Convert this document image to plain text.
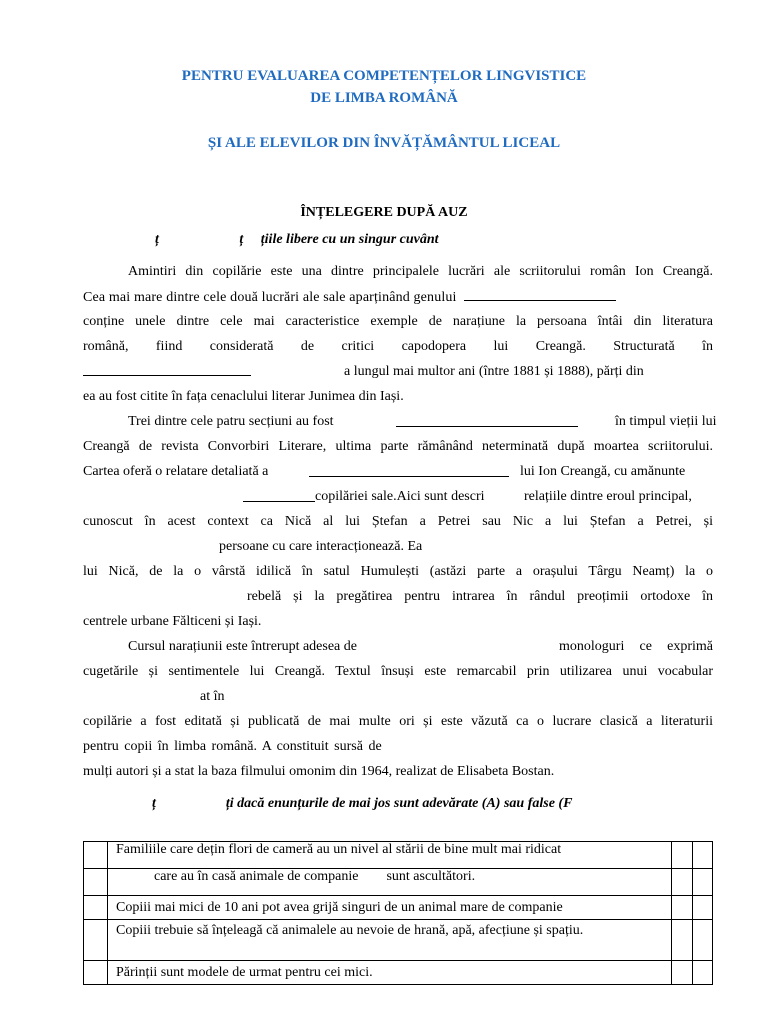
PENTRU EVALUAREA COMPETENȚELOR LINGVISTICE
DE LIMBA ROMÂNĂ
ȘI ALE ELEVILOR DIN ÎNVĂȚĂMÂNTUL LICEAL
ÎNȚELEGERE DUPĂ AUZ
ț                       ț     țiile libere cu un singur cuvânt
Amintiri din copilărie este una dintre principalele lucrări ale scriitorului român Ion Creangă.
Cea mai mare dintre cele două lucrări ale sale aparținând genului
conține unele dintre cele mai caracteristice exemple de narațiune la persoana întâi din literatura
română, fiind considerată de critici capodopera lui Creangă. Structurată în
a lungul mai multor ani (între 1881 și 1888), părți din
ea au fost citite în fața cenaclului literar Junimea din Iași.
Trei dintre cele patru secțiuni au fost	în timpul vieții lui
Creangă de revista Convorbiri Literare, ultima parte rămânând neterminată după moartea scriitorului.
Cartea oferă o relatare detaliată a	lui Ion Creangă, cu amănunte
copilăriei sale.Aici sunt descri	relațiile dintre eroul principal,
cunoscut în acest context ca Nică al lui Ștefan a Petrei sau Nic a lui Ștefan a Petrei, și
persoane cu care interacționează. Ea
lui Nică, de la o vârstă idilică în satul Humulești (astăzi parte a orașului Târgu Neamț) la o
rebelă și la pregătirea pentru intrarea în rândul preoțimii ortodoxe în
centrele urbane Fălticeni și Iași.
Cursul narațiunii este întrerupt adesea de	monologuri ce exprimă
cugetările și sentimentele lui Creangă. Textul însuși este remarcabil prin utilizarea unui vocabular
at în
copilărie a fost editată și publicată de mai multe ori și este văzută ca o lucrare clasică a literaturii
pentru copii în limba română. A constituit sursă de
mulți autori și a stat la baza filmului omonim din 1964, realizat de Elisabeta Bostan.
ț                    ți dacă enunțurile de mai jos sunt adevărate (A) sau false (F
	Familiile care dețin flori de cameră au un nivel al stării de bine mult mai ridicat		
	care au în casă animale de companie        sunt ascultători.		
	Copiii mai mici de 10 ani pot avea grijă singuri de un animal mare de companie		
	Copiii trebuie să înțeleagă că animalele au nevoie de hrană, apă, afecțiune și spațiu.		
	Părinții sunt modele de urmat pentru cei mici.		
